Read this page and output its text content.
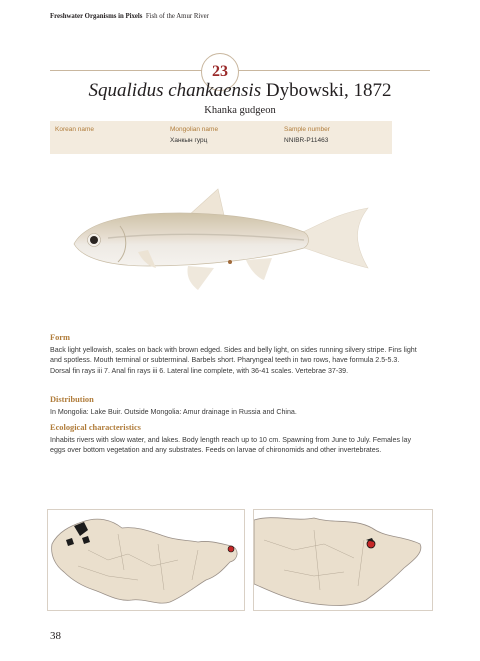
Freshwater Organisms in Pixels Fish of the Amur River
23
Squalidus chankaensis Dybowski, 1872
Khanka gudgeon
Korean name	Mongolian name
Ханкын гурц
Sample number
NNIBR-P11463
Form
Back light yellowish, scales on back with brown edged. Sides and belly light, on sides running silvery stripe. Fins light and spotless. Mouth terminal or subterminal. Barbels short. Pharyngeal teeth in two rows, have formula 2.5-5.3. Dorsal fin rays iii 7. Anal fin rays iii 6. Lateral line complete, with 36-41 scales. Vertebrae 37-39.
Distribution
In Mongolia: Lake Buir. Outside Mongolia: Amur drainage in Russia and China.
Ecological characteristics
Inhabits rivers with slow water, and lakes. Body length reach up to 10 cm. Spawning from June to July. Females lay eggs over bottom vegetation and any substrates. Feeds on larvae of chironomids and other invertebrates.
38
